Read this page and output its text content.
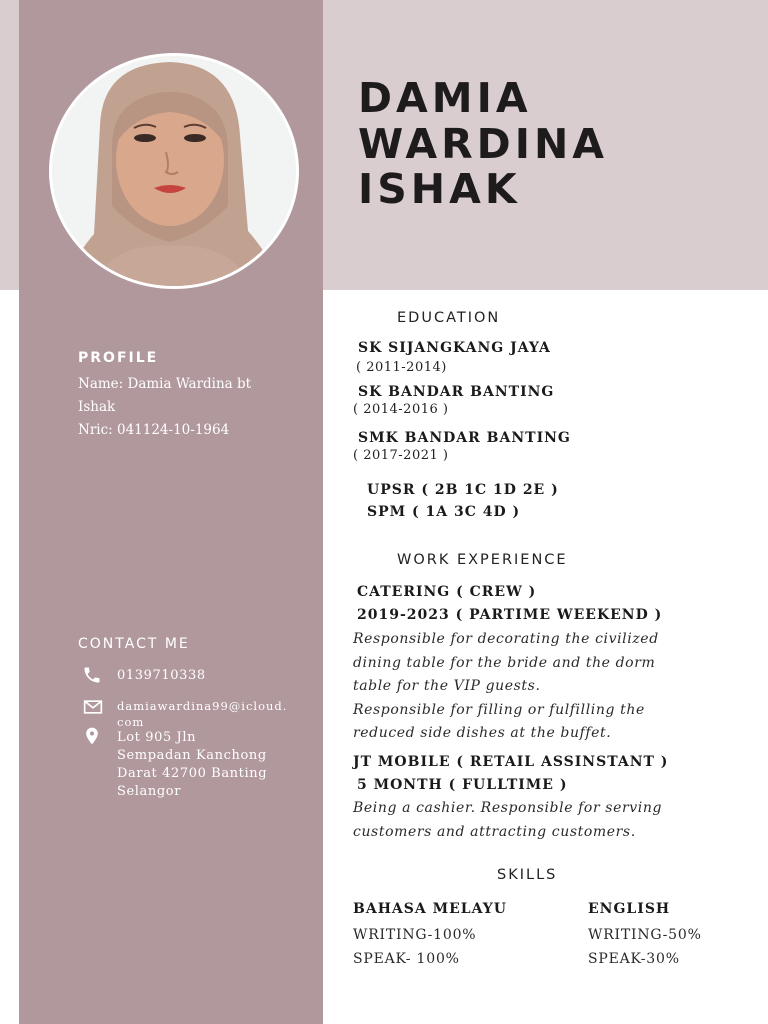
DAMIA
WARDINA
ISHAK
PROFILE
Name: Damia Wardina bt
Ishak
Nric: 041124-10-1964
CONTACT ME
0139710338
damiawardina99@icloud.
com
Lot 905 Jln
Sempadan Kanchong
Darat 42700 Banting
Selangor
EDUCATION
SK SIJANGKANG JAYA
( 2011-2014)
SK BANDAR BANTING
( 2014-2016 )
SMK BANDAR BANTING
( 2017-2021 )
UPSR ( 2B 1C 1D 2E )
SPM ( 1A 3C 4D )
WORK EXPERIENCE
CATERING ( CREW )
2019-2023 ( PARTIME WEEKEND )
Responsible for decorating the civilized
dining table for the bride and the dorm
table for the VIP guests.
Responsible for filling or fulfilling the
reduced side dishes at the buffet.
JT MOBILE ( RETAIL ASSINSTANT )
5 MONTH ( FULLTIME )
Being a cashier. Responsible for serving
customers and attracting customers.
SKILLS
BAHASA MELAYU
WRITING-100%
SPEAK- 100%
ENGLISH
WRITING-50%
SPEAK-30%
